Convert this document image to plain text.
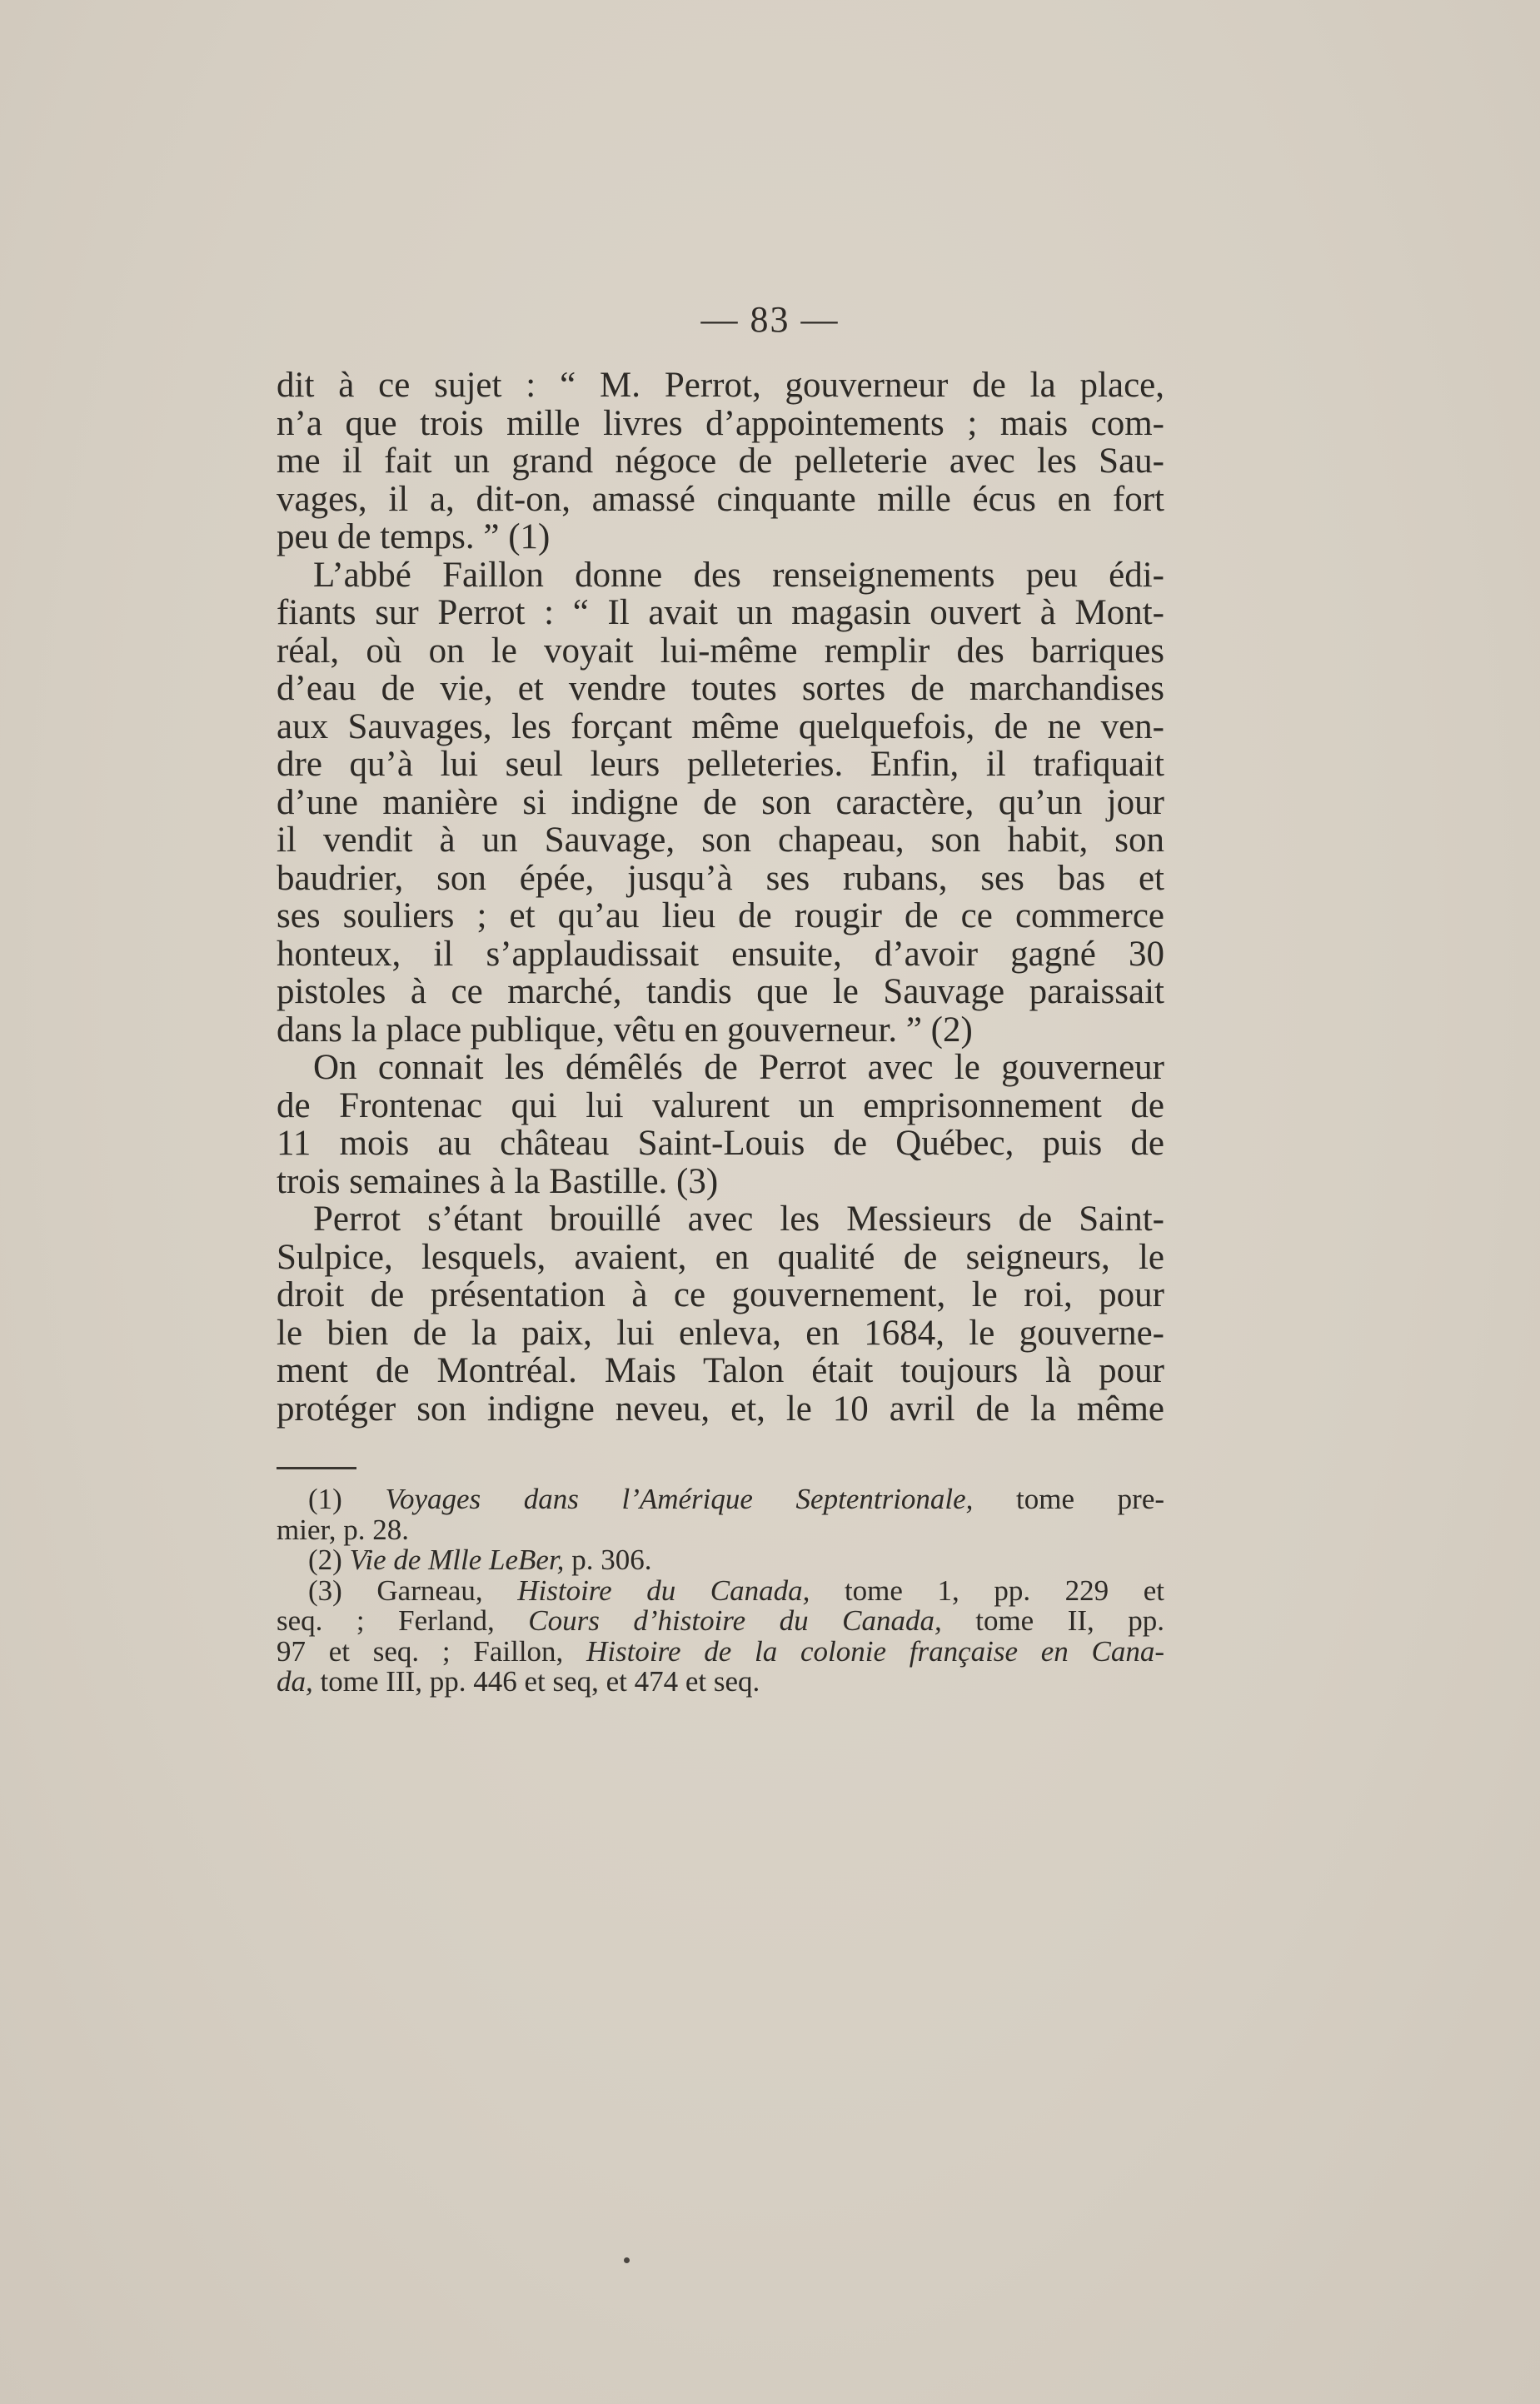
— 83 —
dit à ce sujet : “ M. Perrot, gouverneur de la place,
n’a que trois mille livres d’appointements ; mais com-
me il fait un grand négoce de pelleterie avec les Sau-
vages, il a, dit-on, amassé cinquante mille écus en fort
peu de temps. ” (1)
L’abbé Faillon donne des renseignements peu édi-
fiants sur Perrot : “ Il avait un magasin ouvert à Mont-
réal, où on le voyait lui-même remplir des barriques
d’eau de vie, et vendre toutes sortes de marchandises
aux Sauvages, les forçant même quelquefois, de ne ven-
dre qu’à lui seul leurs pelleteries. Enfin, il trafiquait
d’une manière si indigne de son caractère, qu’un jour
il vendit à un Sauvage, son chapeau, son habit, son
baudrier, son épée, jusqu’à ses rubans, ses bas et
ses souliers ; et qu’au lieu de rougir de ce commerce
honteux, il s’applaudissait ensuite, d’avoir gagné 30
pistoles à ce marché, tandis que le Sauvage paraissait
dans la place publique, vêtu en gouverneur. ” (2)
On connait les démêlés de Perrot avec le gouverneur
de Frontenac qui lui valurent un emprisonnement de
11 mois au château Saint-Louis de Québec, puis de
trois semaines à la Bastille. (3)
Perrot s’étant brouillé avec les Messieurs de Saint-
Sulpice, lesquels, avaient, en qualité de seigneurs, le
droit de présentation à ce gouvernement, le roi, pour
le bien de la paix, lui enleva, en 1684, le gouverne-
ment de Montréal. Mais Talon était toujours là pour
protéger son indigne neveu, et, le 10 avril de la même
(1) Voyages dans l’Amérique Septentrionale, tome pre-
mier, p. 28.
(2) Vie de Mlle LeBer, p. 306.
(3) Garneau, Histoire du Canada, tome 1, pp. 229 et
seq. ; Ferland, Cours d’histoire du Canada, tome II, pp.
97 et seq. ; Faillon, Histoire de la colonie française en Cana-
da, tome III, pp. 446 et seq, et 474 et seq.
